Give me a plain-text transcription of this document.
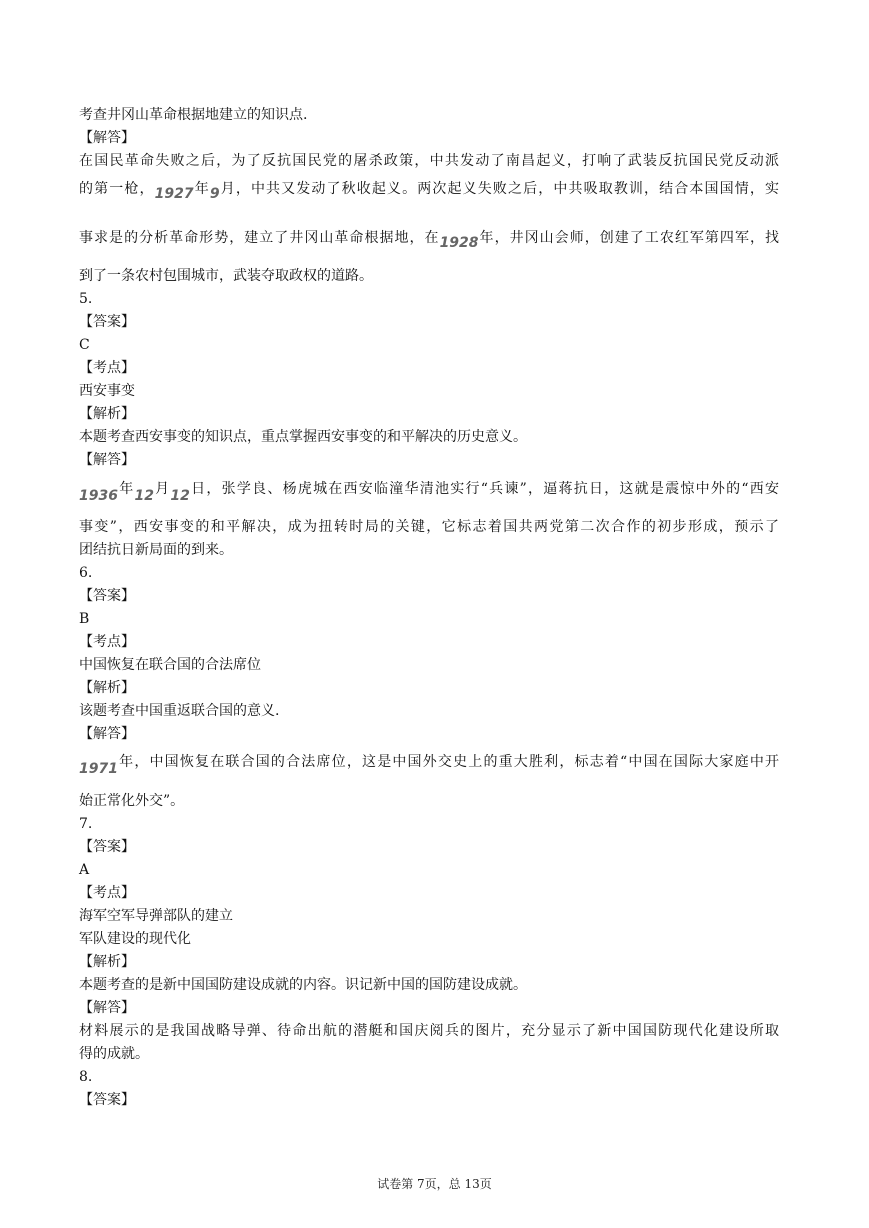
考查井冈山革命根据地建立的知识点.
【解答】
在国民革命失败之后，为了反抗国民党的屠杀政策，中共发动了南昌起义，打响了武装反抗国民党反动派
的第一枪，1927年9月，中共又发动了秋收起义。两次起义失败之后，中共吸取教训，结合本国国情，实
事求是的分析革命形势，建立了井冈山革命根据地，在1928年，井冈山会师，创建了工农红军第四军，找
到了一条农村包围城市，武装夺取政权的道路。
5.
【答案】
C
【考点】
西安事变
【解析】
本题考查西安事变的知识点，重点掌握西安事变的和平解决的历史意义。
【解答】
1936年12月12日，张学良、杨虎城在西安临潼华清池实行“兵谏”，逼蒋抗日，这就是震惊中外的“西安
事变”，西安事变的和平解决，成为扭转时局的关键，它标志着国共两党第二次合作的初步形成，预示了
团结抗日新局面的到来。
6.
【答案】
B
【考点】
中国恢复在联合国的合法席位
【解析】
该题考查中国重返联合国的意义.
【解答】
1971年，中国恢复在联合国的合法席位，这是中国外交史上的重大胜利，标志着“中国在国际大家庭中开
始正常化外交”。
7.
【答案】
A
【考点】
海军空军导弹部队的建立
军队建设的现代化
【解析】
本题考查的是新中国国防建设成就的内容。识记新中国的国防建设成就。
【解答】
材料展示的是我国战略导弹、待命出航的潜艇和国庆阅兵的图片，充分显示了新中国国防现代化建设所取
得的成就。
8.
【答案】
试卷第 7页，总 13页
